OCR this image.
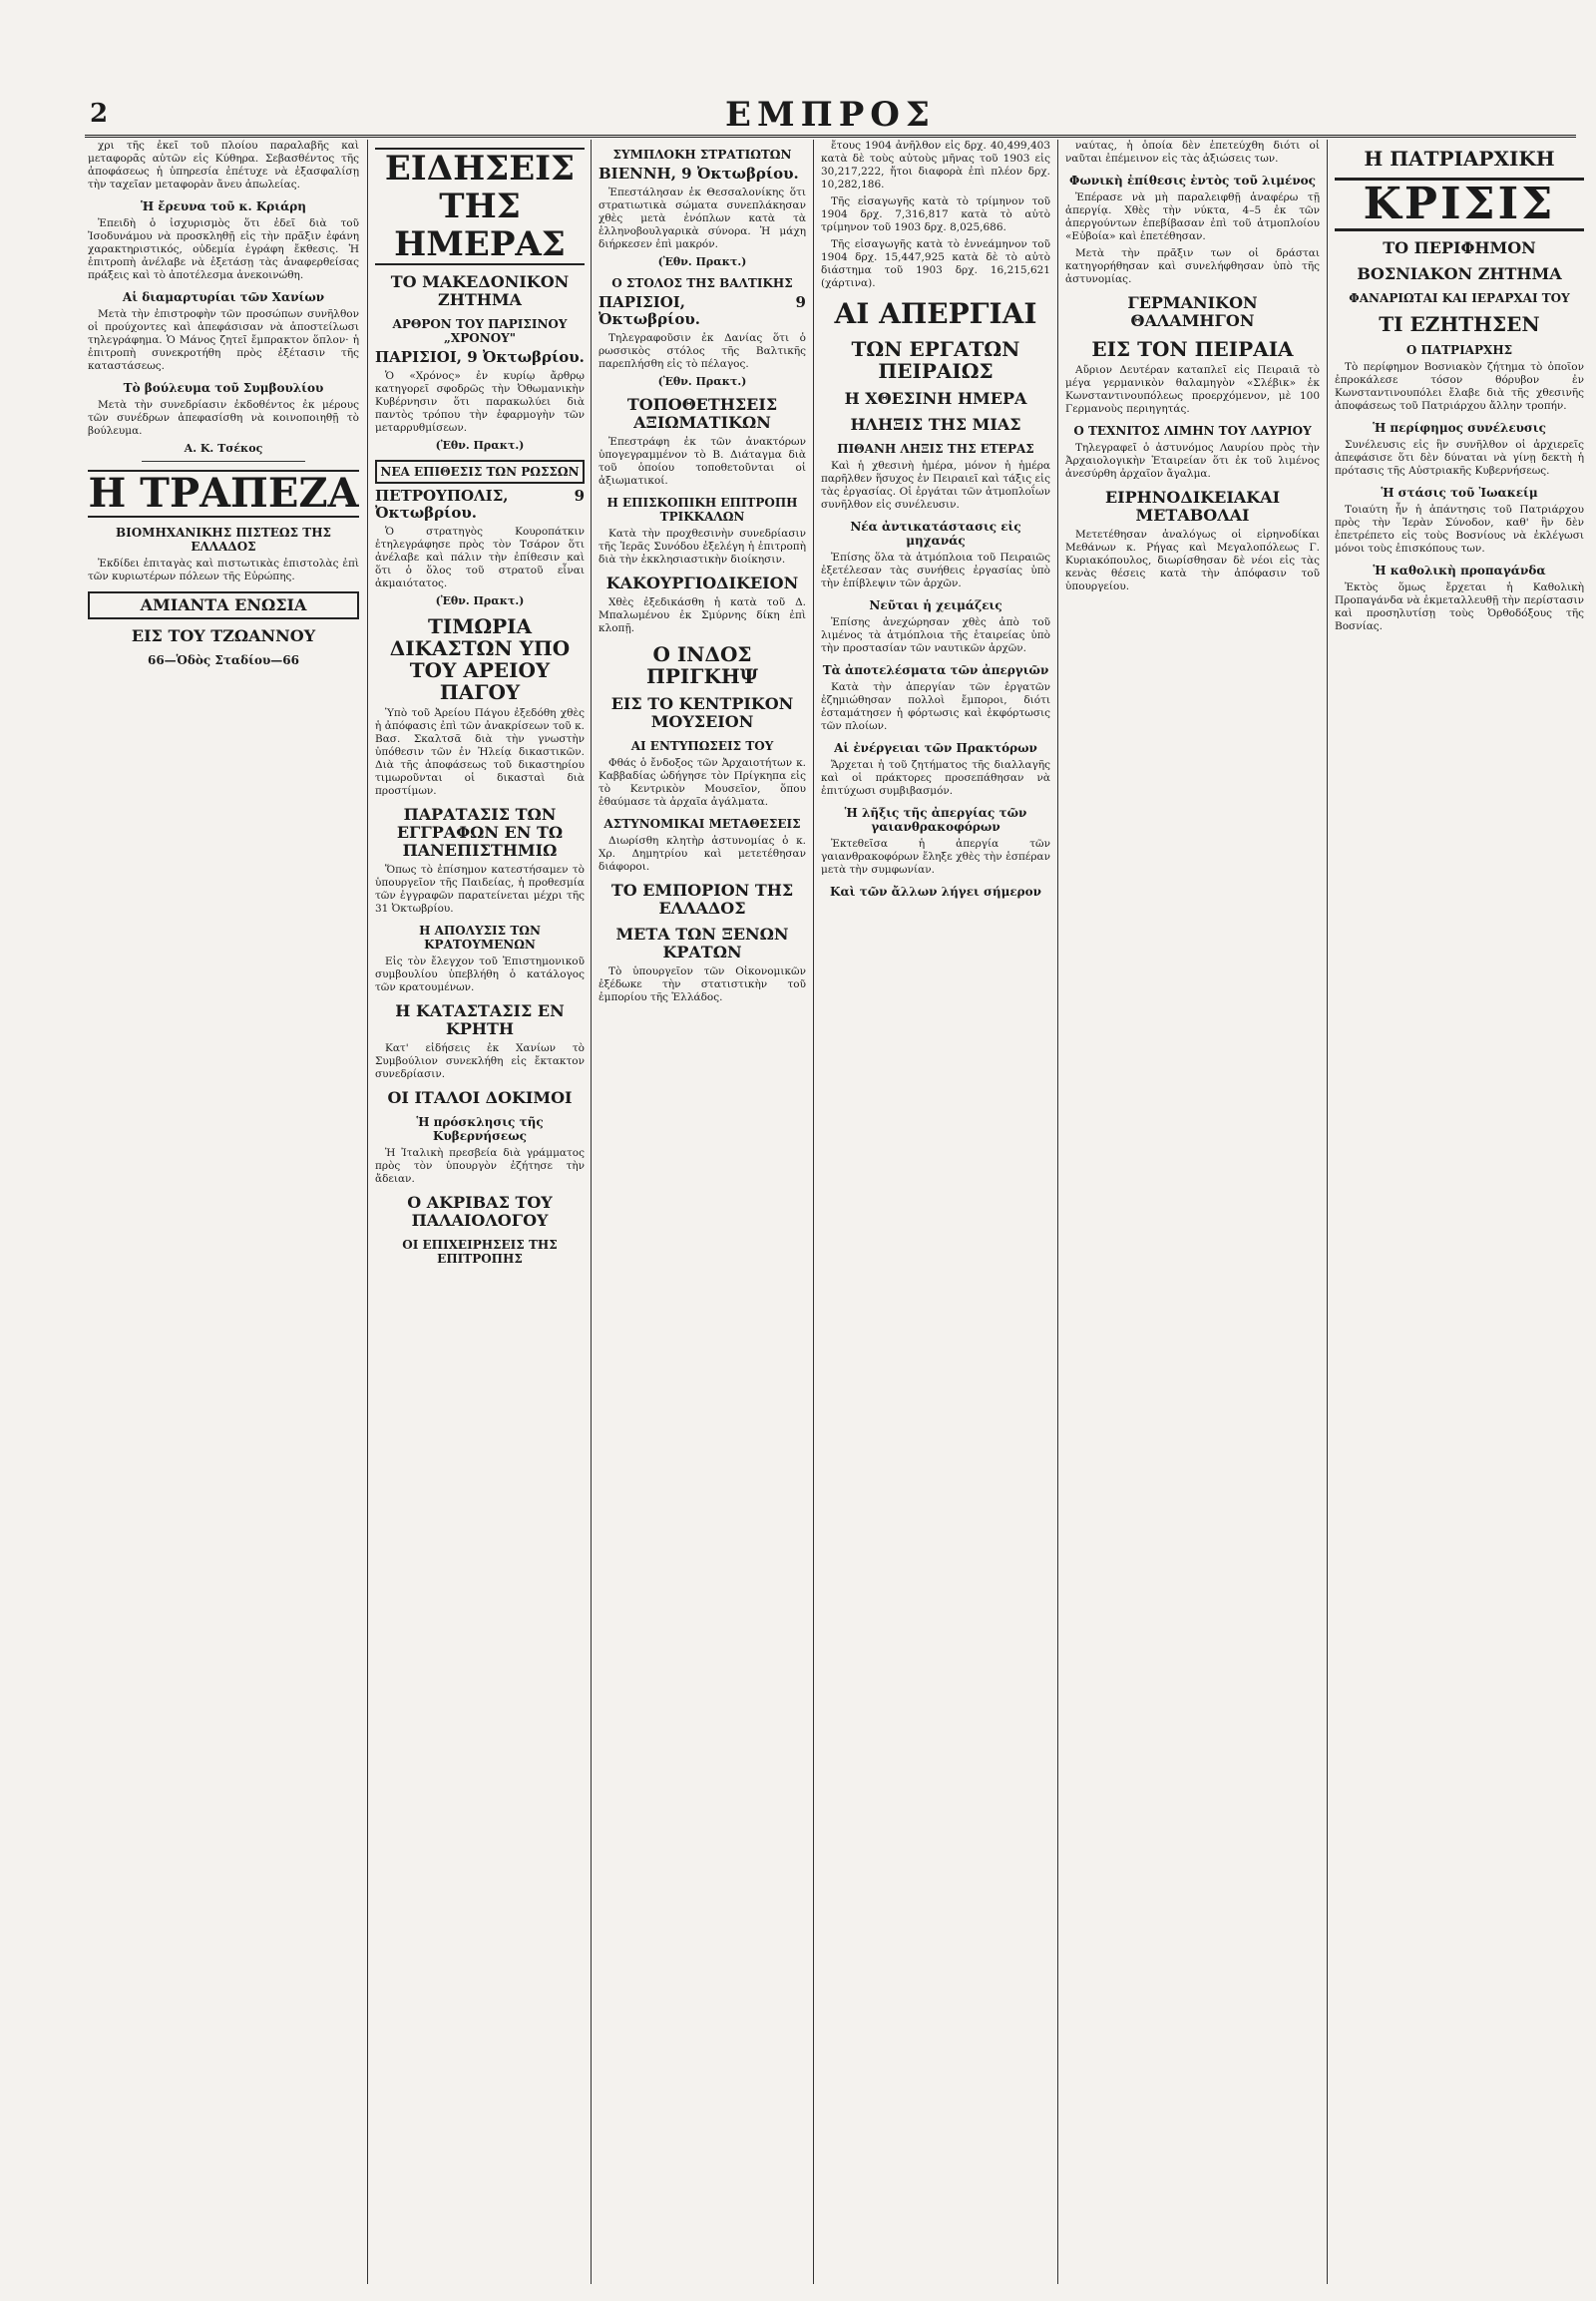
2	ΕΜΠΡΟΣ

χρι τῆς ἐκεῖ τοῦ πλοίου παραλαβῆς καὶ μεταφορᾶς αὐτῶν εἰς Κύθηρα. Σεβασθέντος τῆς ἀποφάσεως ἡ ὑπηρεσία ἐπέτυχε νὰ ἐξασφαλίσῃ τὴν ταχεῖαν μεταφορὰν ἄνευ ἀπωλείας.

Ἡ ἔρευνα τοῦ κ. Κριάρη

Ἐπειδὴ ὁ ἰσχυρισμὸς ὅτι ἐδεῖ διὰ τοῦ Ἰσοδυνάμου νὰ προσκληθῇ εἰς τὴν πρᾶξιν ἐφάνη χαρακτηριστικός, οὐδεμία ἐγράφη ἔκθεσις. Ἡ ἐπιτροπὴ ἀνέλαβε νὰ ἐξετάσῃ τὰς ἀναφερθείσας πράξεις καὶ τὸ ἀποτέλεσμα ἀνεκοινώθη.

Αἱ διαμαρτυρίαι τῶν Χανίων

Μετὰ τὴν ἐπιστροφὴν τῶν προσώπων συνῆλθον οἱ προύχοντες καὶ ἀπεφάσισαν νὰ ἀποστείλωσι τηλεγράφημα. Ὁ Μάνος ζητεῖ ἔμπρακτον ὅπλον· ἡ ἐπιτροπὴ συνεκροτήθη πρὸς ἐξέτασιν τῆς καταστάσεως.

Τὸ βούλευμα τοῦ Συμβουλίου

Μετὰ τὴν συνεδρίασιν ἐκδοθέντος ἐκ μέρους τῶν συνέδρων ἀπεφασίσθη νὰ κοινοποιηθῇ τὸ βούλευμα.

Α. Κ. Τσέκος
Η ΤΡΑΠΕΖΑ
ΒΙΟΜΗΧΑΝΙΚΗΣ ΠΙΣΤΕΩΣ ΤΗΣ ΕΛΛΑΔΟΣ

Ἐκδίδει ἐπιταγὰς καὶ πιστωτικὰς ἐπιστολὰς ἐπὶ τῶν κυριωτέρων πόλεων τῆς Εὐρώπης.

ΑΜΙΑΝΤΑ ΕΝΩΣΙΑ
ΕΙΣ ΤΟΥ ΤΖΩΑΝΝΟΥ
66—Ὁδὸς Σταδίου—66
ΕΙΔΗΣΕΙΣ ΤΗΣ ΗΜΕΡΑΣ
ΤΟ ΜΑΚΕΔΟΝΙΚΟΝ ΖΗΤΗΜΑ
ΑΡΘΡΟΝ ΤΟΥ ΠΑΡΙΣΙΝΟΥ „ΧΡΟΝΟΥ"
ΠΑΡΙΣΙΟΙ, 9 Ὀκτωβρίου.

Ὁ «Χρόνος» ἐν κυρίῳ ἄρθρῳ κατηγορεῖ σφοδρῶς τὴν Ὀθωμανικὴν Κυβέρνησιν ὅτι παρακωλύει διὰ παντὸς τρόπου τὴν ἐφαρμογὴν τῶν μεταρρυθμίσεων.

(Ἐθν. Πρακτ.)
ΝΕΑ ΕΠΙΘΕΣΙΣ ΤΩΝ ΡΩΣΣΩΝ
ΠΕΤΡΟΥΠΟΛΙΣ, 9 Ὀκτωβρίου.

Ὁ στρατηγὸς Κουροπάτκιν ἐτηλεγράφησε πρὸς τὸν Τσάρον ὅτι ἀνέλαβε καὶ πάλιν τὴν ἐπίθεσιν καὶ ὅτι ὁ ὅλος τοῦ στρατοῦ εἶναι ἀκμαιότατος.

(Ἐθν. Πρακτ.)
ΤΙΜΩΡΙΑ ΔΙΚΑΣΤΩΝ ΥΠΟ ΤΟΥ ΑΡΕΙΟΥ ΠΑΓΟΥ

Ὑπὸ τοῦ Ἀρείου Πάγου ἐξεδόθη χθὲς ἡ ἀπόφασις ἐπὶ τῶν ἀνακρίσεων τοῦ κ. Βασ. Σκαλτσᾶ διὰ τὴν γνωστὴν ὑπόθεσιν τῶν ἐν Ἠλείᾳ δικαστικῶν. Διὰ τῆς ἀποφάσεως τοῦ δικαστηρίου τιμωροῦνται οἱ δικασταὶ διὰ προστίμων.

ΠΑΡΑΤΑΣΙΣ ΤΩΝ ΕΓΓΡΑΦΩΝ ΕΝ ΤΩ ΠΑΝΕΠΙΣΤΗΜΙΩ

Ὅπως τὸ ἐπίσημον κατεστήσαμεν τὸ ὑπουργεῖον τῆς Παιδείας, ἡ προθεσμία τῶν ἐγγραφῶν παρατείνεται μέχρι τῆς 31 Ὀκτωβρίου.

Η ΑΠΟΛΥΣΙΣ ΤΩΝ ΚΡΑΤΟΥΜΕΝΩΝ

Εἰς τὸν ἔλεγχον τοῦ Ἐπιστημονικοῦ συμβουλίου ὑπεβλήθη ὁ κατάλογος τῶν κρατουμένων.

Η ΚΑΤΑΣΤΑΣΙΣ ΕΝ ΚΡΗΤΗ

Κατ' εἰδήσεις ἐκ Χανίων τὸ Συμβούλιον συνεκλήθη εἰς ἔκτακτον συνεδρίασιν.

ΟΙ ΙΤΑΛΟΙ ΔΟΚΙΜΟΙ
Ἡ πρόσκλησις τῆς Κυβερνήσεως

Ἡ Ἰταλικὴ πρεσβεία διὰ γράμματος πρὸς τὸν ὑπουργὸν ἐζήτησε τὴν ἄδειαν.

Ο ΑΚΡΙΒΑΣ ΤΟΥ ΠΑΛΑΙΟΛΟΓΟΥ
ΟΙ ΕΠΙΧΕΙΡΗΣΕΙΣ ΤΗΣ ΕΠΙΤΡΟΠΗΣ
ΣΥΜΠΛΟΚΗ ΣΤΡΑΤΙΩΤΩΝ
ΒΙΕΝΝΗ, 9 Ὀκτωβρίου.

Ἐπεστάλησαν ἐκ Θεσσαλονίκης ὅτι στρατιωτικὰ σώματα συνεπλάκησαν χθὲς μετὰ ἐνόπλων κατὰ τὰ ἑλληνοβουλγαρικὰ σύνορα. Ἡ μάχη διήρκεσεν ἐπὶ μακρόν.

(Ἐθν. Πρακτ.)
Ο ΣΤΟΛΟΣ ΤΗΣ ΒΑΛΤΙΚΗΣ
ΠΑΡΙΣΙΟΙ, 9 Ὀκτωβρίου.

Τηλεγραφοῦσιν ἐκ Δανίας ὅτι ὁ ρωσσικὸς στόλος τῆς Βαλτικῆς παρεπλήσθη εἰς τὸ πέλαγος.

(Ἐθν. Πρακτ.)
ΤΟΠΟΘΕΤΗΣΕΙΣ ΑΞΙΩΜΑΤΙΚΩΝ

Ἐπεστράφη ἐκ τῶν ἀνακτόρων ὑπογεγραμμένον τὸ Β. Διάταγμα διὰ τοῦ ὁποίου τοποθετοῦνται οἱ ἀξιωματικοί.

Η ΕΠΙΣΚΟΠΙΚΗ ΕΠΙΤΡΟΠΗ ΤΡΙΚΚΑΛΩΝ

Κατὰ τὴν προχθεσινὴν συνεδρίασιν τῆς Ἱερᾶς Συνόδου ἐξελέγη ἡ ἐπιτροπὴ διὰ τὴν ἐκκλησιαστικὴν διοίκησιν.

ΚΑΚΟΥΡΓΙΟΔΙΚΕΙΟΝ

Χθὲς ἐξεδικάσθη ἡ κατὰ τοῦ Δ. Μπαλωμένου ἐκ Σμύρνης δίκη ἐπὶ κλοπῇ.

Ο ΙΝΔΟΣ ΠΡΙΓΚΗΨ
ΕΙΣ ΤΟ ΚΕΝΤΡΙΚΟΝ ΜΟΥΣΕΙΟΝ
ΑΙ ΕΝΤΥΠΩΣΕΙΣ ΤΟΥ

Φθάς ὁ ἔνδοξος τῶν Ἀρχαιοτήτων κ. Καββαδίας ὡδήγησε τὸν Πρίγκηπα εἰς τὸ Κεντρικὸν Μουσεῖον, ὅπου ἐθαύμασε τὰ ἀρχαῖα ἀγάλματα.

ΑΣΤΥΝΟΜΙΚΑΙ ΜΕΤΑΘΕΣΕΙΣ

Διωρίσθη κλητὴρ ἀστυνομίας ὁ κ. Χρ. Δημητρίου καὶ μετετέθησαν διάφοροι.

ΤΟ ΕΜΠΟΡΙΟΝ ΤΗΣ ΕΛΛΑΔΟΣ
ΜΕΤΑ ΤΩΝ ΞΕΝΩΝ ΚΡΑΤΩΝ

Τὸ ὑπουργεῖον τῶν Οἰκονομικῶν ἐξέδωκε τὴν στατιστικὴν τοῦ ἐμπορίου τῆς Ἑλλάδος.

ἔτους 1904 ἀνῆλθον εἰς δρχ. 40,499,403 κατὰ δὲ τοὺς αὐτοὺς μῆνας τοῦ 1903 εἰς 30,217,222, ἤτοι διαφορὰ ἐπὶ πλέον δρχ. 10,282,186.

Τῆς εἰσαγωγῆς κατὰ τὸ τρίμηνον τοῦ 1904 δρχ. 7,316,817 κατὰ τὸ αὐτὸ τρίμηνον τοῦ 1903 δρχ. 8,025,686.

Τῆς εἰσαγωγῆς κατὰ τὸ ἐννεάμηνον τοῦ 1904 δρχ. 15,447,925 κατὰ δὲ τὸ αὐτὸ διάστημα τοῦ 1903 δρχ. 16,215,621 (χάρτινα).

ΑΙ ΑΠΕΡΓΙΑΙ
ΤΩΝ ΕΡΓΑΤΩΝ ΠΕΙΡΑΙΩΣ
Η ΧΘΕΣΙΝΗ ΗΜΕΡΑ
ΗΛΗΞΙΣ ΤΗΣ ΜΙΑΣ
ΠΙΘΑΝΗ ΛΗΞΙΣ ΤΗΣ ΕΤΕΡΑΣ

Καὶ ἡ χθεσινὴ ἡμέρα, μόνον ἡ ἡμέρα παρῆλθεν ἥσυχος ἐν Πειραιεῖ καὶ τάξις εἰς τὰς ἐργασίας. Οἱ ἐργάται τῶν ἀτμοπλοΐων συνῆλθον εἰς συνέλευσιν.

Νέα ἀντικατάστασις εἰς μηχανάς

Ἐπίσης ὅλα τὰ ἀτμόπλοια τοῦ Πειραιῶς ἐξετέλεσαν τὰς συνήθεις ἐργασίας ὑπὸ τὴν ἐπίβλεψιν τῶν ἀρχῶν.

Νεῦται ἡ χειμάζεις

Ἐπίσης ἀνεχώρησαν χθὲς ἀπὸ τοῦ λιμένος τὰ ἀτμόπλοια τῆς ἑταιρείας ὑπὸ τὴν προστασίαν τῶν ναυτικῶν ἀρχῶν.

Τὰ ἀποτελέσματα τῶν ἀπεργιῶν

Κατὰ τὴν ἀπεργίαν τῶν ἐργατῶν ἐζημιώθησαν πολλοὶ ἔμποροι, διότι ἐσταμάτησεν ἡ φόρτωσις καὶ ἐκφόρτωσις τῶν πλοίων.

Αἱ ἐνέργειαι τῶν Πρακτόρων

Ἄρχεται ἡ τοῦ ζητήματος τῆς διαλλαγῆς καὶ οἱ πράκτορες προσεπάθησαν νὰ ἐπιτύχωσι συμβιβασμόν.

Ἡ λῆξις τῆς ἀπεργίας τῶν γαιανθρακοφόρων

Ἐκτεθεῖσα ἡ ἀπεργία τῶν γαιανθρακοφόρων ἔληξε χθὲς τὴν ἑσπέραν μετὰ τὴν συμφωνίαν.

Καὶ τῶν ἄλλων λήγει σήμερον

ναύτας, ἡ ὁποία δὲν ἐπετεύχθη διότι οἱ ναῦται ἐπέμεινον εἰς τὰς ἀξιώσεις των.

Φωνικὴ ἐπίθεσις ἐντὸς τοῦ λιμένος

Ἐπέρασε νὰ μὴ παραλειφθῇ ἀναφέρω τῇ ἀπεργίᾳ. Χθὲς τὴν νύκτα, 4–5 ἐκ τῶν ἀπεργούντων ἐπεβίβασαν ἐπὶ τοῦ ἀτμοπλοίου «Εὐβοία» καὶ ἐπετέθησαν.

Μετὰ τὴν πρᾶξιν των οἱ δράσται κατηγορήθησαν καὶ συνελήφθησαν ὑπὸ τῆς ἀστυνομίας.

ΓΕΡΜΑΝΙΚΟΝ ΘΑΛΑΜΗΓΟΝ
ΕΙΣ ΤΟΝ ΠΕΙΡΑΙΑ

Αὔριον Δευτέραν καταπλεῖ εἰς Πειραιᾶ τὸ μέγα γερμανικὸν θαλαμηγὸν «Σλέβικ» ἐκ Κωνσταντινουπόλεως προερχόμενον, μὲ 100 Γερμανοὺς περιηγητάς.

Ο ΤΕΧΝΙΤΟΣ ΛΙΜΗΝ ΤΟΥ ΛΑΥΡΙΟΥ

Τηλεγραφεῖ ὁ ἀστυνόμος Λαυρίου πρὸς τὴν Ἀρχαιολογικὴν Ἑταιρείαν ὅτι ἐκ τοῦ λιμένος ἀνεσύρθη ἀρχαῖον ἄγαλμα.

ΕΙΡΗΝΟΔΙΚΕΙΑΚΑΙ ΜΕΤΑΒΟΛΑΙ

Μετετέθησαν ἀναλόγως οἱ εἰρηνοδίκαι Μεθάνων κ. Ρήγας καὶ Μεγαλοπόλεως Γ. Κυριακόπουλος, διωρίσθησαν δὲ νέοι εἰς τὰς κενὰς θέσεις κατὰ τὴν ἀπόφασιν τοῦ ὑπουργείου.

Η ΠΑΤΡΙΑΡΧΙΚΗ
ΚΡΙΣΙΣ
ΤΟ ΠΕΡΙΦΗΜΟΝ
ΒΟΣΝΙΑΚΟΝ ΖΗΤΗΜΑ
ΦΑΝΑΡΙΩΤΑΙ ΚΑΙ ΙΕΡΑΡΧΑΙ ΤΟΥ
ΤΙ ΕΖΗΤΗΣΕΝ
Ο ΠΑΤΡΙΑΡΧΗΣ

Τὸ περίφημον Βοσνιακὸν ζήτημα τὸ ὁποῖον ἐπροκάλεσε τόσον θόρυβον ἐν Κωνσταντινουπόλει ἔλαβε διὰ τῆς χθεσινῆς ἀποφάσεως τοῦ Πατριάρχου ἄλλην τροπήν.

Ἡ περίφημος συνέλευσις

Συνέλευσις εἰς ἣν συνῆλθον οἱ ἀρχιερεῖς ἀπεφάσισε ὅτι δὲν δύναται νὰ γίνῃ δεκτὴ ἡ πρότασις τῆς Αὐστριακῆς Κυβερνήσεως.

Ἡ στάσις τοῦ Ἰωακείμ

Τοιαύτη ἦν ἡ ἀπάντησις τοῦ Πατριάρχου πρὸς τὴν Ἱερὰν Σύνοδον, καθ' ἣν δὲν ἐπετρέπετο εἰς τοὺς Βοσνίους νὰ ἐκλέγωσι μόνοι τοὺς ἐπισκόπους των.

Ἡ καθολικὴ προπαγάνδα

Ἐκτὸς ὅμως ἔρχεται ἡ Καθολικὴ Προπαγάνδα νὰ ἐκμεταλλευθῇ τὴν περίστασιν καὶ προσηλυτίσῃ τοὺς Ὀρθοδόξους τῆς Βοσνίας.
